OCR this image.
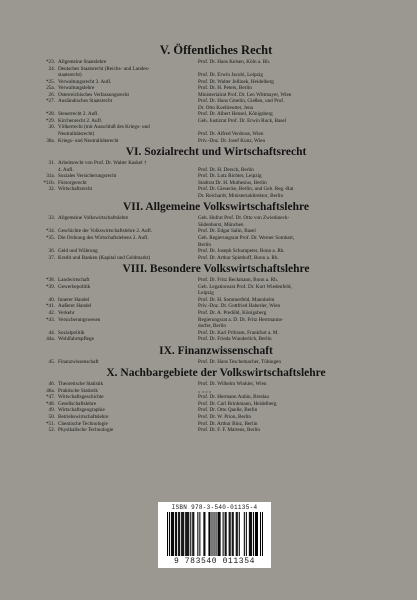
V. Öffentliches Recht
*23. Allgemeine Staatslehre	Prof. Dr. Hans Kelsen, Köln a. Rh.
24. Deutsches Staatsrecht (Reichs- und Landes-
staatsrecht)	Prof. Dr. Erwin Jacobi, Leipzig
*25. Verwaltungsrecht 3. Aufl.	Prof. Dr. Walter Jellinek, Heidelberg
25a. Verwaltungslehre	Prof. Dr. H. Peters, Berlin
26. Österreichisches Verfassungsrecht	Ministerialrat Prof. Dr. Leo Wittmayer, Wien
*27. Ausländisches Staatsrecht	Prof. Dr. Hans Gmelin, Gießen, und Prof.
Dr. Otto Koellreutter, Jena
*28. Steuerrecht 2. Aufl.	Prof. Dr. Albert Hensel, Königsberg
*29. Kirchenrecht 2. Aufl.	Geh. Justizrat Prof. Dr. Erwin Ruck, Basel
30. Völkerrecht (mit Ausschluß des Kriegs- und
Neutralitätsrecht)	Prof. Dr. Alfred Verdross, Wien
30a. Kriegs- und Neutralitätsrecht	Priv.-Doz. Dr. Josef Kunz, Wien
VI. Sozialrecht und Wirtschaftsrecht
31. Arbeitsrecht von Prof. Dr. Walter Kaskel †
4. Aufl.	Prof. Dr. H. Dersch, Berlin
31a. Soziales Versicherungsrecht	Prof. Dr. Lutz Richter, Leipzig
*31b. Fürsorgerecht	Stadtrat Dr. H. Muthesius, Berlin
32. Wirtschaftsrecht	Prof. Dr. Giesecke, Berlin, und Geh. Reg.-Rat
Dr. Reichardt, Ministerialdirektor, Berlin
VII. Allgemeine Volkswirtschaftslehre
33. Allgemeine Volkswirtschaftslehre	Geh. Hofrat Prof. Dr. Otto von Zwiedineck-
Südenhorst, München
*34. Geschichte der Volkswirtschaftslehre 2. Aufl.	Prof. Dr. Edgar Salin, Basel
*35. Die Ordnung des Wirtschaftslebens 2. Aufl.	Geh. Regierungsrat Prof. Dr. Werner Sombart,
Berlin
36. Geld und Währung	Prof. Dr. Joseph Schumpeter, Bonn a. Rh.
37. Kredit und Banken (Kapital und Geldmarkt)	Prof. Dr. Arthur Spiethoff, Bonn a. Rh.
VIII. Besondere Volkswirtschaftslehre
*38. Landwirtschaft	Prof. Dr. Fritz Beckmann, Bonn a. Rh.
*39. Gewerbepolitik	Geh. Legationsrat Prof. Dr. Kurt Wiedenfeld,
Leipzig
40. Innerer Handel	Prof. Dr. H. Sommerfeld, Mannheim
*41. Äußerer Handel	Priv.-Doz. Dr. Gottfried Haberler, Wien
42. Verkehr	Prof. Dr. A. Predöhl, Königsberg
*43. Versicherungswesen	Regierungsrat a. D. Dr. Fritz Herrmanns-
dorfer, Berlin
44. Sozialpolitik	Prof. Dr. Karl Pribram, Frankfurt a. M.
44a. Wohlfahrtspflege	Prof. Dr. Frieda Wunderlich, Berlin
IX. Finanzwissenschaft
45. Finanzwissenschaft	Prof. Dr. Hans Teschemacher, Tübingen
X. Nachbargebiete der Volkswirtschaftslehre
46. Theoretische Statistik	Prof. Dr. Wilhelm Winkler, Wien
46a. Praktische Statistik	„ „ „ „
*47. Wirtschaftsgeschichte	Prof. Dr. Hermann Aubin, Breslau
*48. Gesellschaftslehre	Prof. Dr. Carl Brinkmann, Heidelberg
49. Wirtschaftsgeographie	Prof. Dr. Otto Quelle, Berlin
50. Betriebswirtschaftslehre	Prof. Dr. W. Prion, Berlin
*51. Chemische Technologie	Prof. Dr. Arthur Binz, Berlin
52. Physikalische Technologie	Prof. Dr. F. F. Martens, Berlin
ISBN 978-3-540-01135-4
9 783540 011354
